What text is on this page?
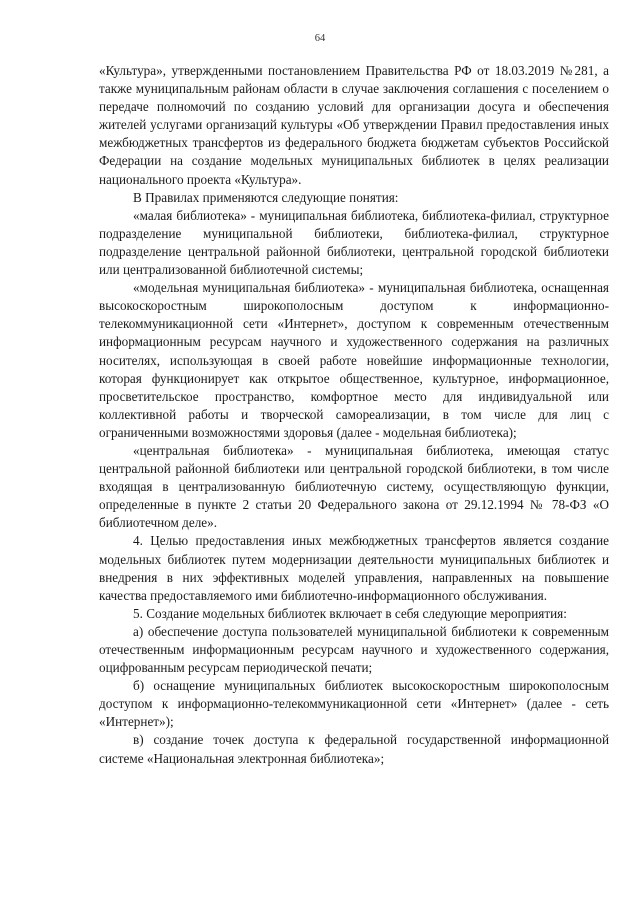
64

«Культура», утвержденными постановлением Правительства РФ от 18.03.2019 №281, а также муниципальным районам области в случае заключения соглашения с поселением о передаче полномочий по созданию условий для организации досуга и обеспечения жителей услугами организаций культуры «Об утверждении Правил предоставления иных межбюджетных трансфертов из федерального бюджета бюджетам субъектов Российской Федерации на создание модельных муниципальных библиотек в целях реализации национального проекта «Культура».

В Правилах применяются следующие понятия:

«малая библиотека» - муниципальная библиотека, библиотека-филиал, структурное подразделение муниципальной библиотеки, библиотека-филиал, структурное подразделение центральной районной библиотеки, центральной городской библиотеки или централизованной библиотечной системы;

«модельная муниципальная библиотека» - муниципальная библиотека, оснащенная высокоскоростным широкополосным доступом к информационно-телекоммуникационной сети «Интернет», доступом к современным отечественным информационным ресурсам научного и художественного содержания на различных носителях, использующая в своей работе новейшие информационные технологии, которая функционирует как открытое общественное, культурное, информационное, просветительское пространство, комфортное место для индивидуальной или коллективной работы и творческой самореализации, в том числе для лиц с ограниченными возможностями здоровья (далее - модельная библиотека);

«центральная библиотека» - муниципальная библиотека, имеющая статус центральной районной библиотеки или центральной городской библиотеки, в том числе входящая в централизованную библиотечную систему, осуществляющую функции, определенные в пункте 2 статьи 20 Федерального закона от 29.12.1994 № 78-ФЗ «О библиотечном деле».

4. Целью предоставления иных межбюджетных трансфертов является создание модельных библиотек путем модернизации деятельности муниципальных библиотек и внедрения в них эффективных моделей управления, направленных на повышение качества предоставляемого ими библиотечно-информационного обслуживания.

5. Создание модельных библиотек включает в себя следующие мероприятия:

а) обеспечение доступа пользователей муниципальной библиотеки к современным отечественным информационным ресурсам научного и художественного содержания, оцифрованным ресурсам периодической печати;

б) оснащение муниципальных библиотек высокоскоростным широкополосным доступом к информационно-телекоммуникационной сети «Интернет» (далее - сеть «Интернет»);

в) создание точек доступа к федеральной государственной информационной системе «Национальная электронная библиотека»;
